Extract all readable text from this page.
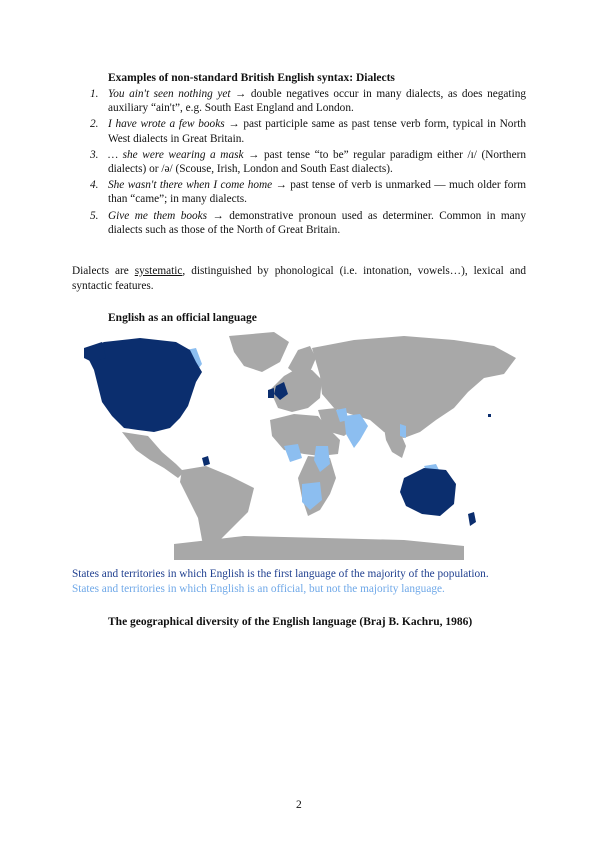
Examples of non-standard British English syntax: Dialects
1. You ain't seen nothing yet → double negatives occur in many dialects, as does negating auxiliary “ain't”, e.g. South East England and London.
2. I have wrote a few books → past participle same as past tense verb form, typical in North West dialects in Great Britain.
3. … she were wearing a mask → past tense “to be” regular paradigm either /ɪ/ (Northern dialects) or /ə/ (Scouse, Irish, London and South East dialects).
4. She wasn't there when I come home → past tense of verb is unmarked — much older form than “came”; in many dialects.
5. Give me them books → demonstrative pronoun used as determiner. Common in many dialects such as those of the North of Great Britain.

Dialects are systematic, distinguished by phonological (i.e. intonation, vowels…), lexical and syntactic features.

English as an official language

States and territories in which English is the first language of the majority of the population.

States and territories in which English is an official, but not the majority language.

The geographical diversity of the English language (Braj B. Kachru, 1986)
2
